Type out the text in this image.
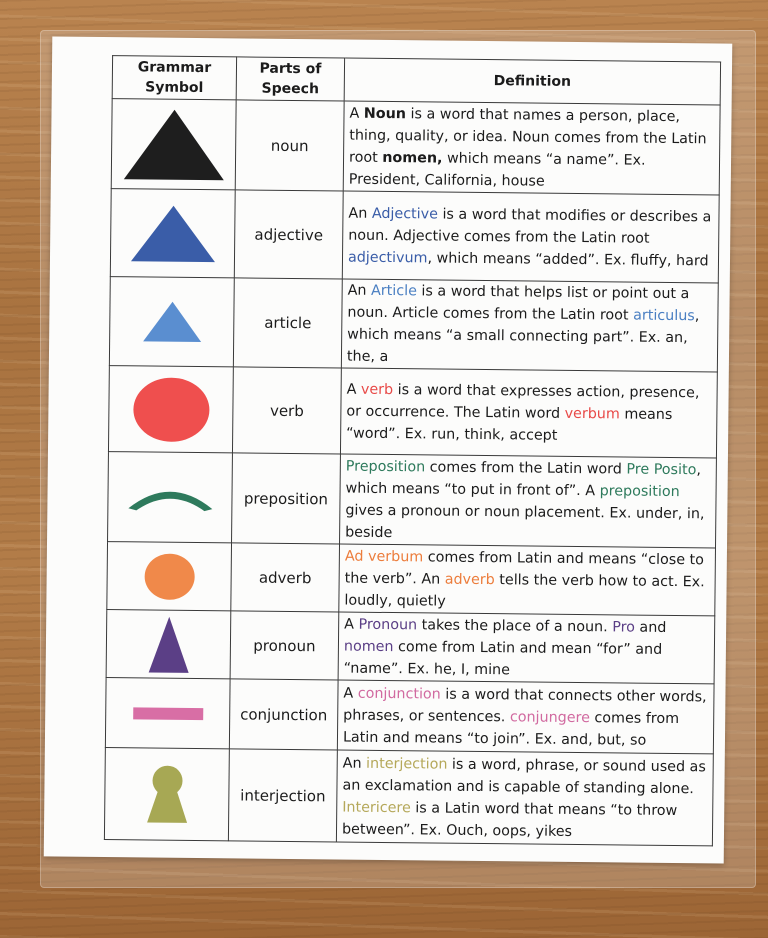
Grammar Symbol	Parts of Speech	Definition

	noun	A Noun is a word that names a person, place, thing, quality, or idea. Noun comes from the Latin root nomen, which means “a name”. Ex. President, California, house

	adjective	An Adjective is a word that modifies or describes a noun. Adjective comes from the Latin root adjectivum, which means “added”. Ex. fluffy, hard

	article	An Article is a word that helps list or point out a noun. Article comes from the Latin root articulus, which means “a small connecting part”. Ex. an, the, a

	verb	A verb is a word that expresses action, presence, or occurrence. The Latin word verbum means “word”. Ex. run, think, accept

	preposition	Preposition comes from the Latin word Pre Posito, which means “to put in front of”. A preposition gives a pronoun or noun placement. Ex. under, in, beside

	adverb	Ad verbum comes from Latin and means “close to the verb”. An adverb tells the verb how to act. Ex. loudly, quietly

	pronoun	A Pronoun takes the place of a noun. Pro and nomen come from Latin and mean “for” and “name”. Ex. he, I, mine

	conjunction	A conjunction is a word that connects other words, phrases, or sentences. conjungere comes from Latin and means “to join”. Ex. and, but, so

	interjection	An interjection is a word, phrase, or sound used as an exclamation and is capable of standing alone. Intericere is a Latin word that means “to throw between”. Ex. Ouch, oops, yikes
